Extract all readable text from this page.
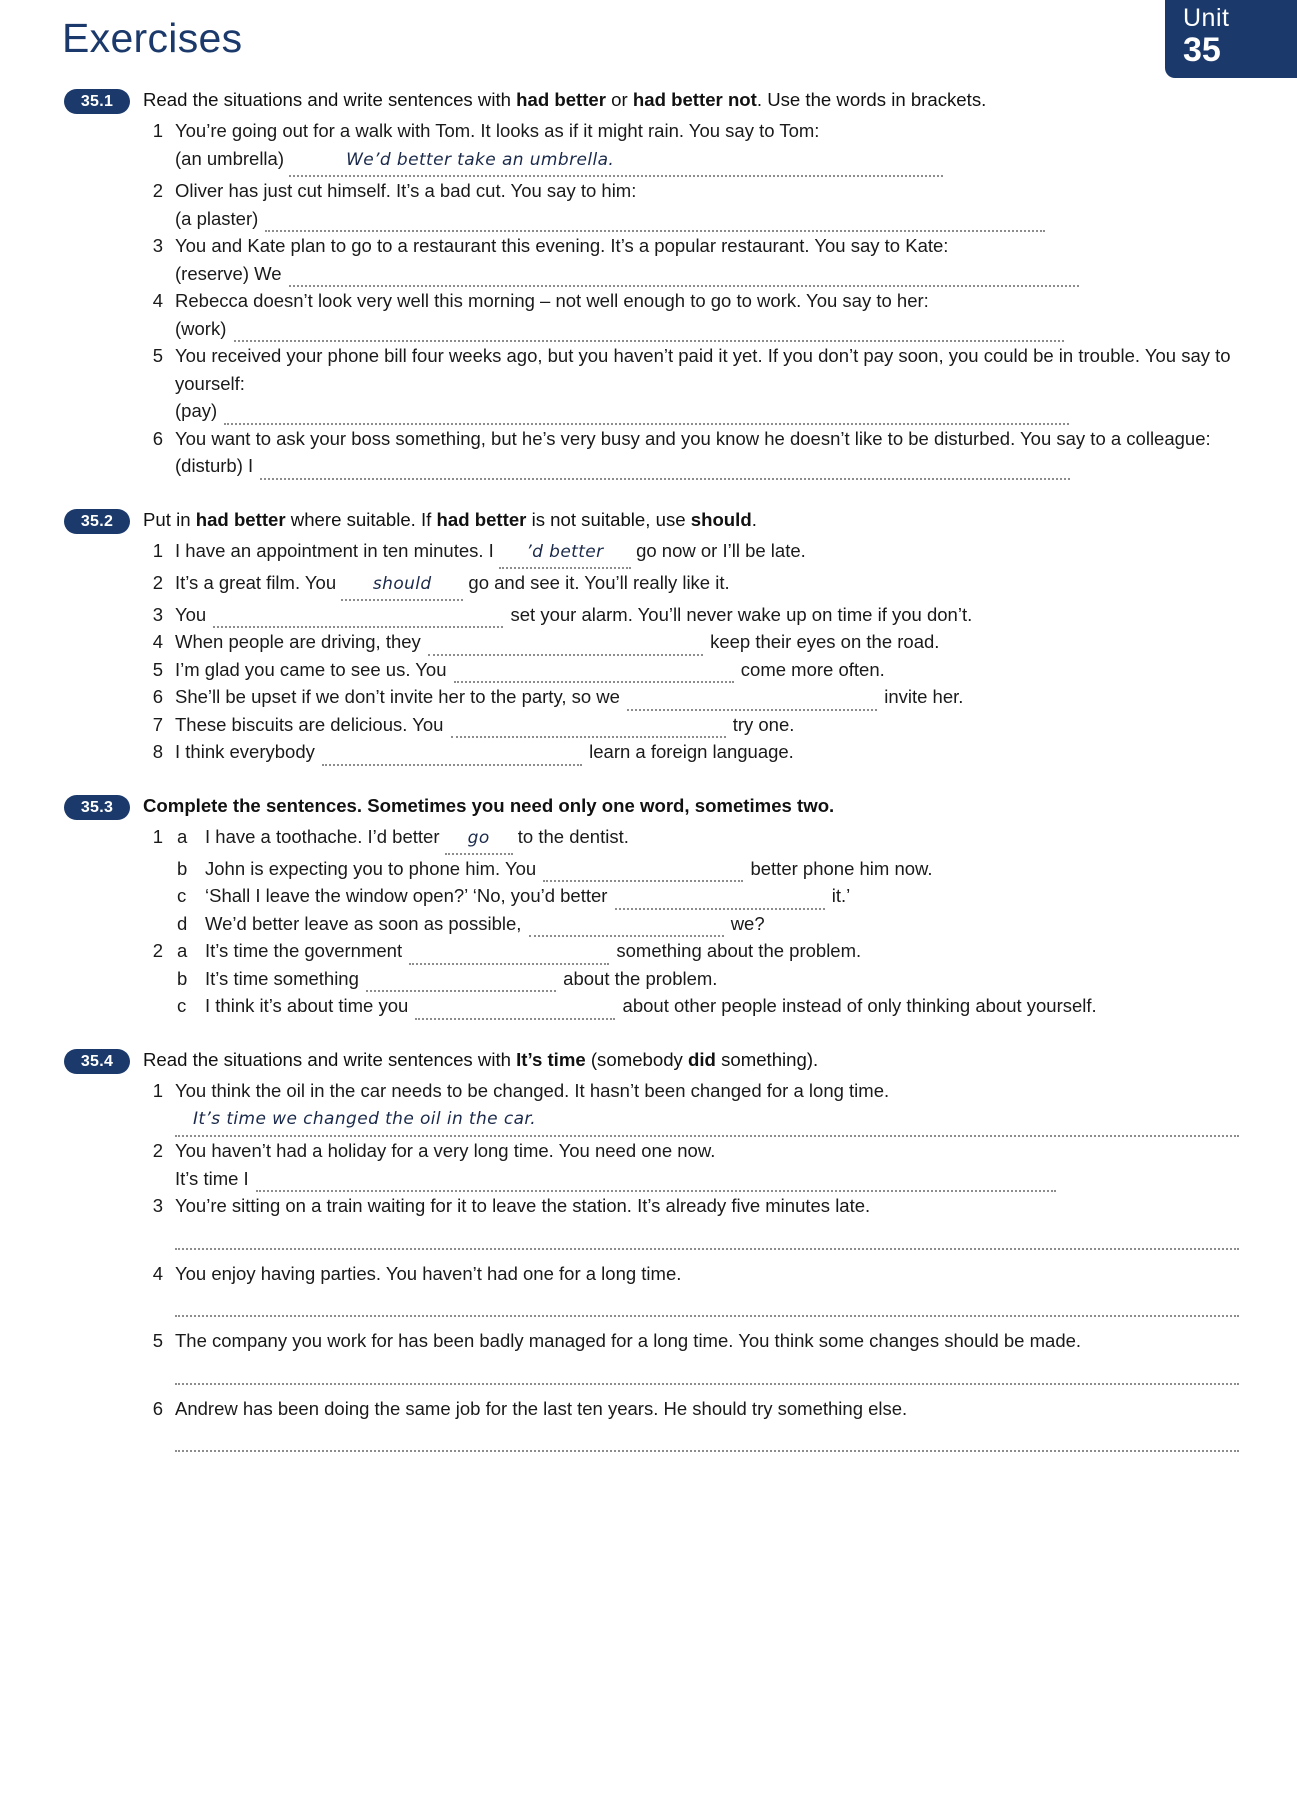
Unit
35
Exercises
35.1	Read the situations and write sentences with had better or had better not. Use the words in brackets.
1 You’re going out for a walk with Tom. It looks as if it might rain. You say to Tom:
(an umbrella)	We’d better take an umbrella.
2 Oliver has just cut himself. It’s a bad cut. You say to him:
(a plaster)
3 You and Kate plan to go to a restaurant this evening. It’s a popular restaurant. You say to Kate:
(reserve) We
4 Rebecca doesn’t look very well this morning – not well enough to go to work. You say to her:
(work)
5 You received your phone bill four weeks ago, but you haven’t paid it yet. If you don’t pay soon, you could be in trouble. You say to yourself:
(pay)
6 You want to ask your boss something, but he’s very busy and you know he doesn’t like to be disturbed. You say to a colleague:
(disturb) I
35.2	Put in had better where suitable. If had better is not suitable, use should.
1 I have an appointment in ten minutes. I ’d better go now or I’ll be late.
2 It’s a great film. You should go and see it. You’ll really like it.
3 You	set your alarm. You’ll never wake up on time if you don’t.
4 When people are driving, they	keep their eyes on the road.
5 I’m glad you came to see us. You	come more often.
6 She’ll be upset if we don’t invite her to the party, so we	invite her.
7 These biscuits are delicious. You	try one.
8 I think everybody	learn a foreign language.
35.3	Complete the sentences. Sometimes you need only one word, sometimes two.
1 a I have a toothache. I’d better go to the dentist.
b John is expecting you to phone him. You	better phone him now.
c ‘Shall I leave the window open?’ ‘No, you’d better	it.’
d We’d better leave as soon as possible,	we?
2 a It’s time the government	something about the problem.
b It’s time something	about the problem.
c I think it’s about time you	about other people instead of only thinking about yourself.
35.4	Read the situations and write sentences with It’s time (somebody did something).
1 You think the oil in the car needs to be changed. It hasn’t been changed for a long time.
It’s time we changed the oil in the car.
2 You haven’t had a holiday for a very long time. You need one now.
It’s time I
3 You’re sitting on a train waiting for it to leave the station. It’s already five minutes late.
4 You enjoy having parties. You haven’t had one for a long time.
5 The company you work for has been badly managed for a long time. You think some changes should be made.
6 Andrew has been doing the same job for the last ten years. He should try something else.
